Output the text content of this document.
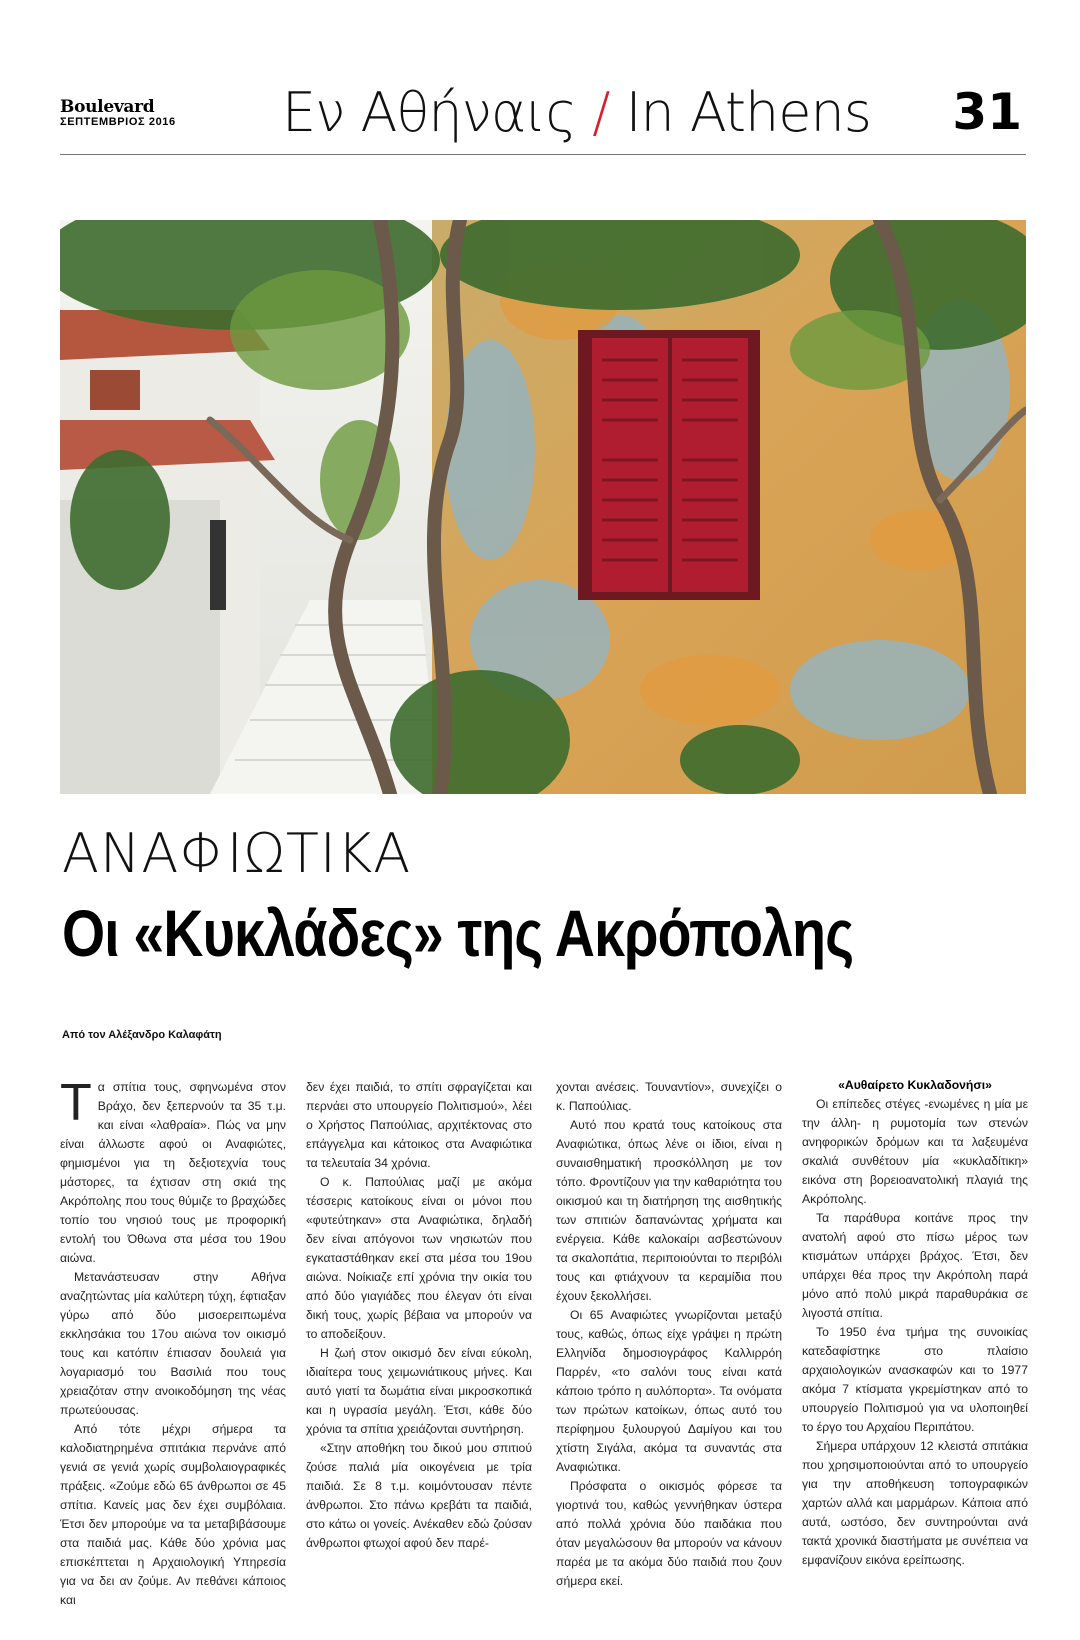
Boulevard
ΣΕΠΤΕΜΒΡΙΟΣ 2016 Εν Αθήναις / In Athens 31
ΑΝΑΦΙΩΤΙΚΑ
Οι «Κυκλάδες» της Ακρόπολης
Από τον Αλέξανδρο Καλαφάτη
Τ α σπίτια τους, σφηνωμένα στον Βράχο, δεν ξεπερνούν τα 35 τ.μ. και είναι «λαθραία». Πώς να μην είναι άλλωστε αφού οι Αναφιώτες, φημισμένοι για τη δεξιοτεχνία τους μάστορες, τα έχτισαν στη σκιά της Ακρόπολης που τους θύμιζε το βραχώδες τοπίο του νησιού τους με προφορική εντολή του Όθωνα στα μέσα του 19ου αιώνα.

Μετανάστευσαν στην Αθήνα αναζητώντας μία καλύτερη τύχη, έφτιαξαν γύρω από δύο μισοερειπωμένα εκκλησάκια του 17ου αιώνα τον οικισμό τους και κατόπιν έπιασαν δουλειά για λογαριασμό του Βασιλιά που τους χρειαζόταν στην ανοικοδόμηση της νέας πρωτεύουσας.

Από τότε μέχρι σήμερα τα καλοδιατηρημένα σπιτάκια περνάνε από γενιά σε γενιά χωρίς συμβολαιογραφικές πράξεις. «Ζούμε εδώ 65 άνθρωποι σε 45 σπίτια. Κανείς μας δεν έχει συμβόλαια. Έτσι δεν μπορούμε να τα μεταβιβάσουμε στα παιδιά μας. Κάθε δύο χρόνια μας επισκέπτεται η Αρχαιολογική Υπηρεσία για να δει αν ζούμε. Αν πεθάνει κάποιος και

δεν έχει παιδιά, το σπίτι σφραγίζεται και περνάει στο υπουργείο Πολιτισμού», λέει ο Χρήστος Παπούλιας, αρχιτέκτονας στο επάγγελμα και κάτοικος στα Αναφιώτικα τα τελευταία 34 χρόνια.

Ο κ. Παπούλιας μαζί με ακόμα τέσσερις κατοίκους είναι οι μόνοι που «φυτεύτηκαν» στα Αναφιώτικα, δηλαδή δεν είναι απόγονοι των νησιωτών που εγκαταστάθηκαν εκεί στα μέσα του 19ου αιώνα. Νοίκιαζε επί χρόνια την οικία του από δύο γιαγιάδες που έλεγαν ότι είναι δική τους, χωρίς βέβαια να μπορούν να το αποδείξουν.

Η ζωή στον οικισμό δεν είναι εύκολη, ιδιαίτερα τους χειμωνιάτικους μήνες. Και αυτό γιατί τα δωμάτια είναι μικροσκοπικά και η υγρασία μεγάλη. Έτσι, κάθε δύο χρόνια τα σπίτια χρειάζονται συντήρηση.

«Στην αποθήκη του δικού μου σπιτιού ζούσε παλιά μία οικογένεια με τρία παιδιά. Σε 8 τ.μ. κοιμόντουσαν πέντε άνθρωποι. Στο πάνω κρεβάτι τα παιδιά, στο κάτω οι γονείς. Ανέκαθεν εδώ ζούσαν άνθρωποι φτωχοί αφού δεν παρέ-

χονται ανέσεις. Τουναντίον», συνεχίζει ο κ. Παπούλιας.

Αυτό που κρατά τους κατοίκους στα Αναφιώτικα, όπως λένε οι ίδιοι, είναι η συναισθηματική προσκόλληση με τον τόπο. Φροντίζουν για την καθαριότητα του οικισμού και τη διατήρηση της αισθητικής των σπιτιών δαπανώντας χρήματα και ενέργεια. Κάθε καλοκαίρι ασβεστώνουν τα σκαλοπάτια, περιποιούνται το περιβόλι τους και φτιάχνουν τα κεραμίδια που έχουν ξεκολλήσει.

Οι 65 Αναφιώτες γνωρίζονται μεταξύ τους, καθώς, όπως είχε γράψει η πρώτη Ελληνίδα δημοσιογράφος Καλλιρρόη Παρρέν, «το σαλόνι τους είναι κατά κάποιο τρόπο η αυλόπορτα». Τα ονόματα των πρώτων κατοίκων, όπως αυτό του περίφημου ξυλουργού Δαμίγου και του χτίστη Σιγάλα, ακόμα τα συναντάς στα Αναφιώτικα.

Πρόσφατα ο οικισμός φόρεσε τα γιορτινά του, καθώς γεννήθηκαν ύστερα από πολλά χρόνια δύο παιδάκια που όταν μεγαλώσουν θα μπορούν να κάνουν παρέα με τα ακόμα δύο παιδιά που ζουν σήμερα εκεί.

«Αυθαίρετο Κυκλαδονήσι»

Οι επίπεδες στέγες -ενωμένες η μία με την άλλη- η ρυμοτομία των στενών ανηφορικών δρόμων και τα λαξευμένα σκαλιά συνθέτουν μία «κυκλαδίτικη» εικόνα στη βορειοανατολική πλαγιά της Ακρόπολης.

Τα παράθυρα κοιτάνε προς την ανατολή αφού στο πίσω μέρος των κτισμάτων υπάρχει βράχος. Έτσι, δεν υπάρχει θέα προς την Ακρόπολη παρά μόνο από πολύ μικρά παραθυράκια σε λιγοστά σπίτια.

Το 1950 ένα τμήμα της συνοικίας κατεδαφίστηκε στο πλαίσιο αρχαιολογικών ανασκαφών και το 1977 ακόμα 7 κτίσματα γκρεμίστηκαν από το υπουργείο Πολιτισμού για να υλοποιηθεί το έργο του Αρχαίου Περιπάτου.

Σήμερα υπάρχουν 12 κλειστά σπιτάκια που χρησιμοποιούνται από το υπουργείο για την αποθήκευση τοπογραφικών χαρτών αλλά και μαρμάρων. Κάποια από αυτά, ωστόσο, δεν συντηρούνται ανά τακτά χρονικά διαστήματα με συνέπεια να εμφανίζουν εικόνα ερείπωσης.
